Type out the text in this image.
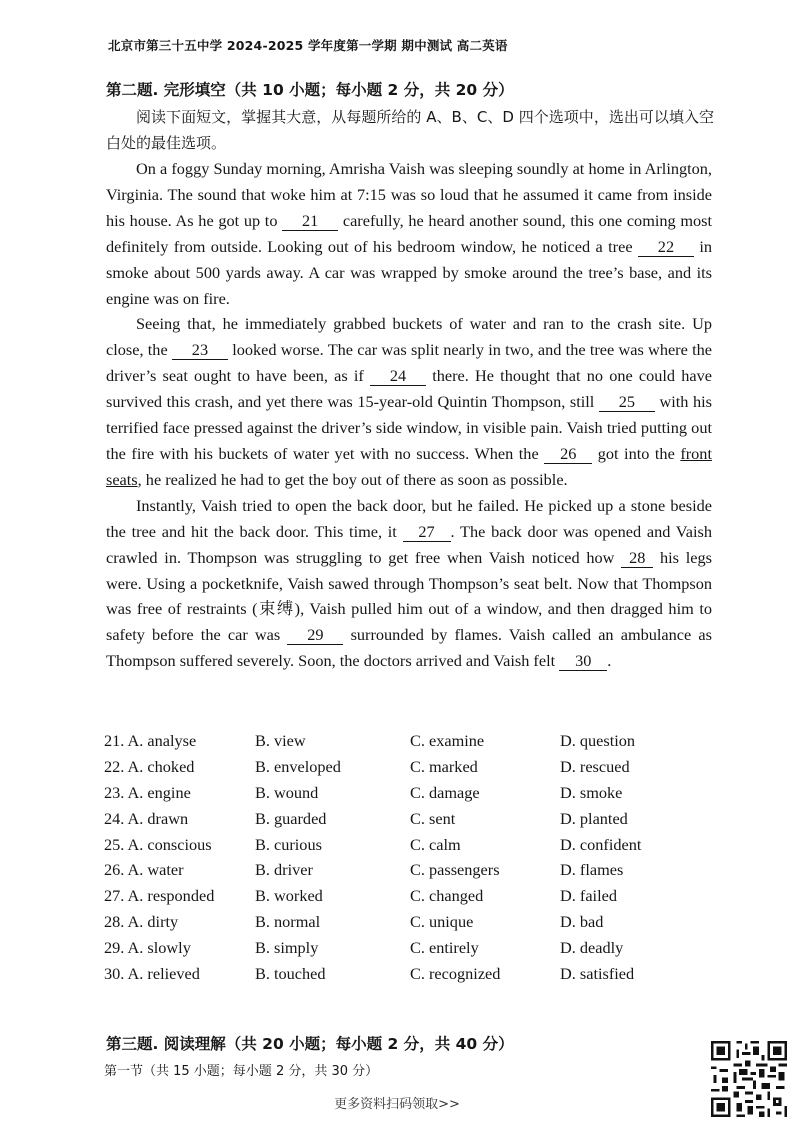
北京市第三十五中学 2024-2025 学年度第一学期 期中测试 高二英语
第二题. 完形填空（共 10 小题；每小题 2 分，共 20 分）
阅读下面短文，掌握其大意，从每题所给的 A、B、C、D 四个选项中，选出可以填入空白处的最佳选项。

On a foggy Sunday morning, Amrisha Vaish was sleeping soundly at home in Arlington, Virginia. The sound that woke him at 7:15 was so loud that he assumed it came from inside his house. As he got up to 21 carefully, he heard another sound, this one coming most definitely from outside. Looking out of his bedroom window, he noticed a tree 22 in smoke about 500 yards away. A car was wrapped by smoke around the tree’s base, and its engine was on fire.

Seeing that, he immediately grabbed buckets of water and ran to the crash site. Up close, the 23 looked worse. The car was split nearly in two, and the tree was where the driver’s seat ought to have been, as if 24 there. He thought that no one could have survived this crash, and yet there was 15-year-old Quintin Thompson, still 25 with his terrified face pressed against the driver’s side window, in visible pain. Vaish tried putting out the fire with his buckets of water yet with no success. When the 26 got into the front seats, he realized he had to get the boy out of there as soon as possible.

Instantly, Vaish tried to open the back door, but he failed. He picked up a stone beside the tree and hit the back door. This time, it 27 . The back door was opened and Vaish crawled in. Thompson was struggling to get free when Vaish noticed how 28 his legs were. Using a pocketknife, Vaish sawed through Thompson’s seat belt. Now that Thompson was free of restraints (束缚), Vaish pulled him out of a window, and then dragged him to safety before the car was 29 surrounded by flames. Vaish called an ambulance as Thompson suffered severely. Soon, the doctors arrived and Vaish felt 30 .

21. A. analyse	B. view	C. examine	D. question
22. A. choked	B. enveloped	C. marked	D. rescued
23. A. engine	B. wound	C. damage	D. smoke
24. A. drawn	B. guarded	C. sent	D. planted
25. A. conscious	B. curious	C. calm	D. confident
26. A. water	B. driver	C. passengers	D. flames
27. A. responded B. worked	C. changed	D. failed
28. A. dirty	B. normal	C. unique	D. bad
29. A. slowly	B. simply	C. entirely	D. deadly
30. A. relieved	B. touched	C. recognized	D. satisfied
第三题. 阅读理解（共 20 小题；每小题 2 分，共 40 分）
第一节（共 15 小题；每小题 2 分，共 30 分）
更多资料扫码领取>>
